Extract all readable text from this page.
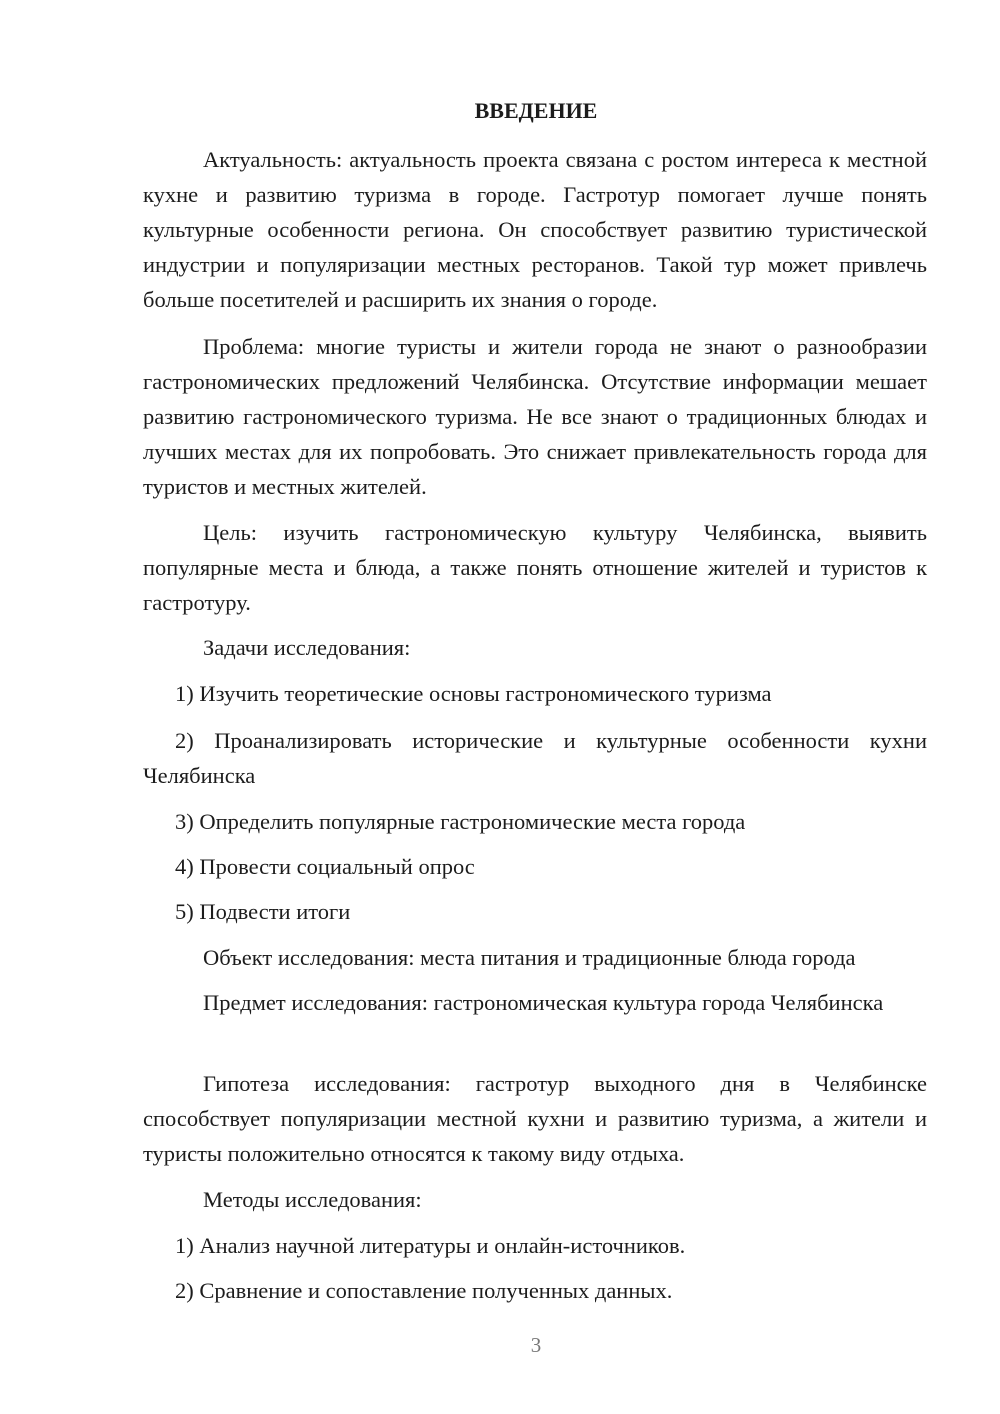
ВВЕДЕНИЕ

Актуальность: актуальность проекта связана с ростом интереса к местной кухне и развитию туризма в городе. Гастротур помогает лучше понять культурные особенности региона. Он способствует развитию туристической индустрии и популяризации местных ресторанов. Такой тур может привлечь больше посетителей и расширить их знания о городе.

Проблема: многие туристы и жители города не знают о разнообразии гастрономических предложений Челябинска. Отсутствие информации мешает развитию гастрономического туризма. Не все знают о традиционных блюдах и лучших местах для их попробовать. Это снижает привлекательность города для туристов и местных жителей.

Цель: изучить гастрономическую культуру Челябинска, выявить популярные места и блюда, а также понять отношение жителей и туристов к гастротуру.

Задачи исследования:

1) Изучить теоретические основы гастрономического туризма

2) Проанализировать исторические и культурные особенности кухни Челябинска

3) Определить популярные гастрономические места города

4) Провести социальный опрос

5) Подвести итоги

Объект исследования: места питания и традиционные блюда города

Предмет исследования: гастрономическая культура города Челябинска

Гипотеза исследования: гастротур выходного дня в Челябинске способствует популяризации местной кухни и развитию туризма, а жители и туристы положительно относятся к такому виду отдыха.

Методы исследования:

1) Анализ научной литературы и онлайн-источников.

2) Сравнение и сопоставление полученных данных.

3
